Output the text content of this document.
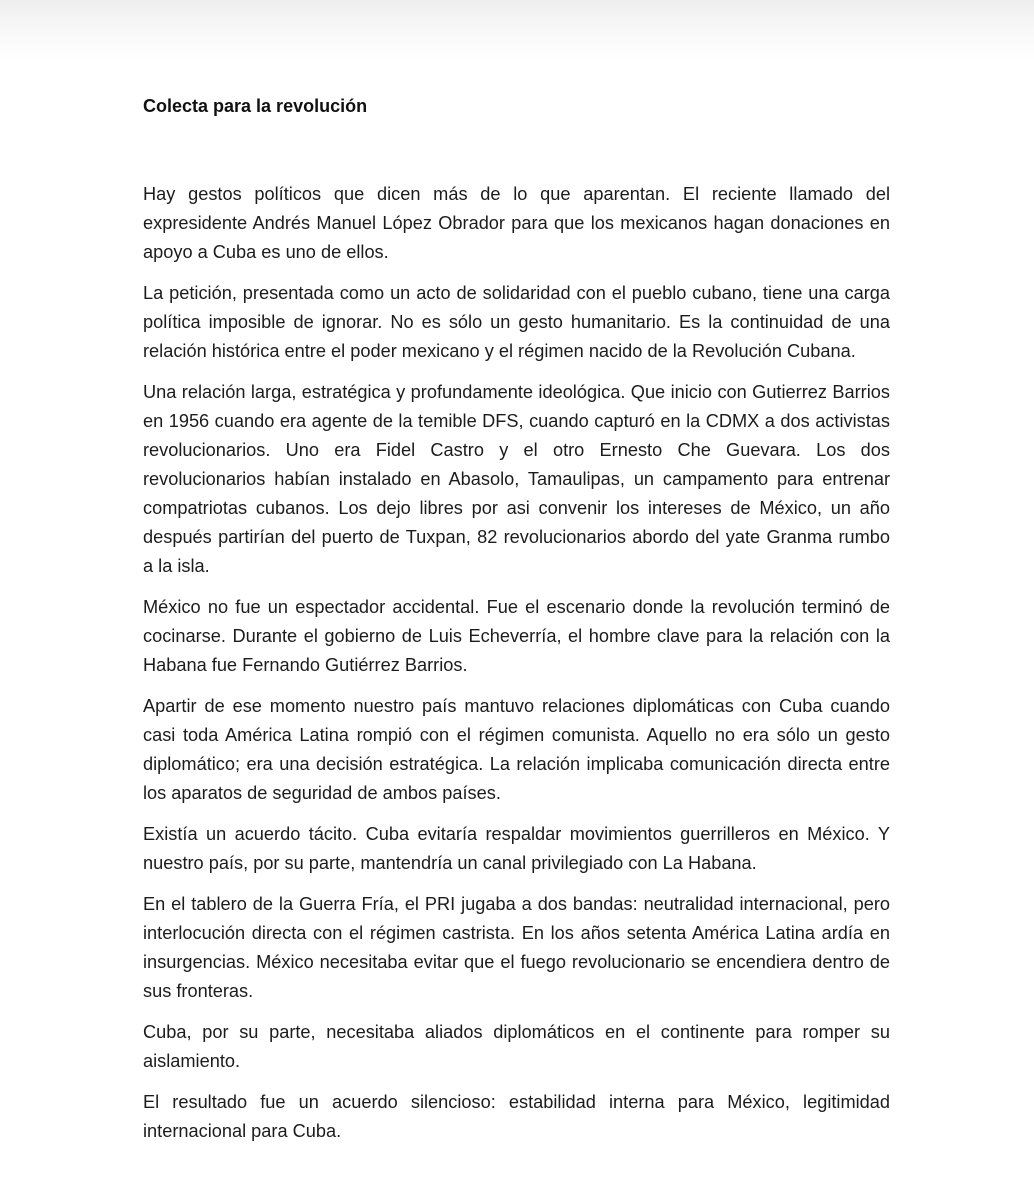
Colecta para la revolución

Hay gestos políticos que dicen más de lo que aparentan. El reciente llamado del expresidente Andrés Manuel López Obrador para que los mexicanos hagan donaciones en apoyo a Cuba es uno de ellos.

La petición, presentada como un acto de solidaridad con el pueblo cubano, tiene una carga política imposible de ignorar. No es sólo un gesto humanitario. Es la continuidad de una relación histórica entre el poder mexicano y el régimen nacido de la Revolución Cubana.

Una relación larga, estratégica y profundamente ideológica. Que inicio con Gutierrez Barrios en 1956 cuando era agente de la temible DFS, cuando capturó en la CDMX a dos activistas revolucionarios. Uno era Fidel Castro y el otro Ernesto Che Guevara. Los dos revolucionarios habían instalado en Abasolo, Tamaulipas, un campamento para entrenar compatriotas cubanos. Los dejo libres por asi convenir los intereses de México, un año después partirían del puerto de Tuxpan, 82 revolucionarios abordo del yate Granma rumbo a la isla.

México no fue un espectador accidental. Fue el escenario donde la revolución terminó de cocinarse. Durante el gobierno de Luis Echeverría, el hombre clave para la relación con la Habana fue Fernando Gutiérrez Barrios.

Apartir de ese momento nuestro país mantuvo relaciones diplomáticas con Cuba cuando casi toda América Latina rompió con el régimen comunista. Aquello no era sólo un gesto diplomático; era una decisión estratégica. La relación implicaba comunicación directa entre los aparatos de seguridad de ambos países.

Existía un acuerdo tácito. Cuba evitaría respaldar movimientos guerrilleros en México. Y nuestro país, por su parte, mantendría un canal privilegiado con La Habana.

En el tablero de la Guerra Fría, el PRI jugaba a dos bandas: neutralidad internacional, pero interlocución directa con el régimen castrista. En los años setenta América Latina ardía en insurgencias. México necesitaba evitar que el fuego revolucionario se encendiera dentro de sus fronteras.

Cuba, por su parte, necesitaba aliados diplomáticos en el continente para romper su aislamiento.

El resultado fue un acuerdo silencioso: estabilidad interna para México, legitimidad internacional para Cuba.
